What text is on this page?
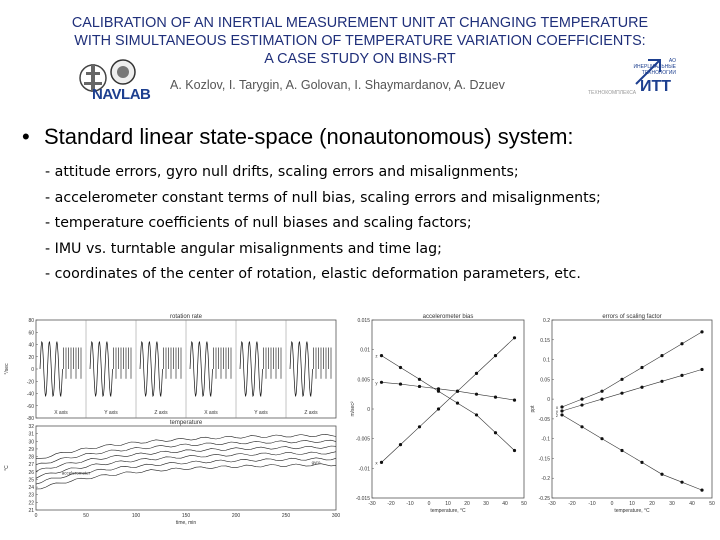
CALIBRATION OF AN INERTIAL MEASUREMENT UNIT AT CHANGING TEMPERATURE
WITH SIMULTANEOUS ESTIMATION OF TEMPERATURE VARIATION COEFFICIENTS:
A CASE STUDY ON BINS-RT
NAVLAB
A. Kozlov, I. Tarygin, A. Golovan, I. Shaymardanov, A. Dzuev
АО
ИНЕРЦИАЛЬНЫЕ
ТЕХНОЛОГИИ
ИТТ
ТЕХНОКОМПЛЕКСА
• Standard linear state-space (nonautonomous) system:
- attitude errors, gyro null drifts, scaling errors and misalignments;
- accelerometer constant terms of null bias, scaling errors and misalignments;
- temperature coefficients of null biases and scaling factors;
- IMU vs. turntable angular misalignments and time lag;
- coordinates of the center of rotation, elastic deformation parameters, etc.
rotation rate
80
60
40
20
0
-20
-40
-60
-80
°/sec
X axis	Y axis	Z axis	X axis	Y axis	Z axis
temperature
32
31
30
29
28
27
26
25
24
23
22
21
0	50	100	150	200	250	300
time, min
°C
accelerometer
gyro
accelerometer bias
0.015
0.01
0.005
0
-0.005
-0.01
-0.015
-30 -20 -10	0	10	20	30	40	50
temperature, °C
m/sec²
x
y
z
errors of scaling factor
0.2
0.15
0.1
0.05
0
-0.05
-0.1
-0.15
-0.2
-0.25
-30	-20	-10	0	10	20	30	40	50
temperature, °C
ppt	x
y
z
